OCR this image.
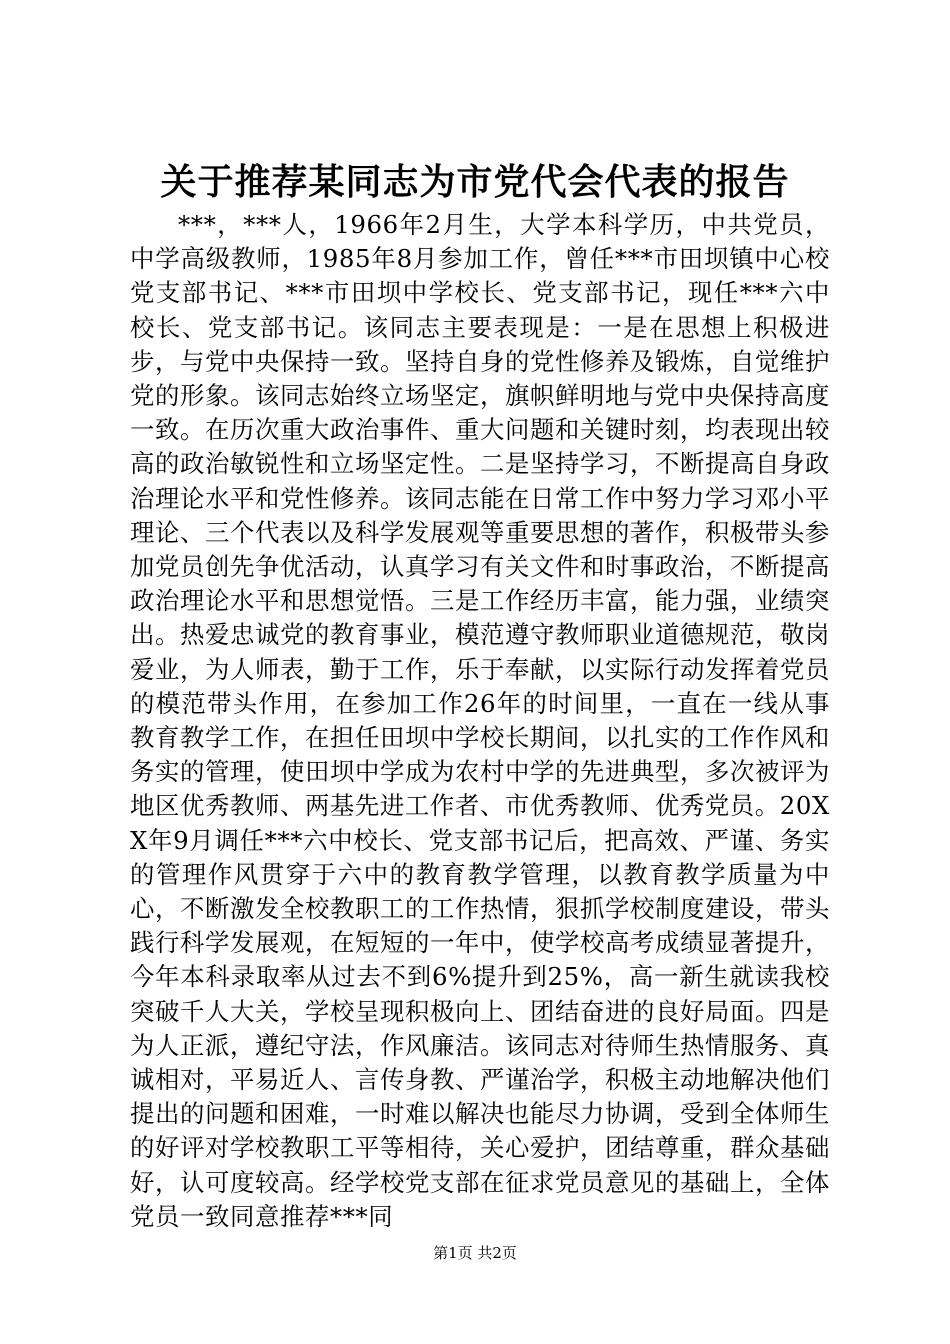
关于推荐某同志为市党代会代表的报告

***，***人，1966年2月生，大学本科学历，中共党员，中学高级教师，1985年8月参加工作，曾任***市田坝镇中心校党支部书记、***市田坝中学校长、党支部书记，现任***六中校长、党支部书记。该同志主要表现是：一是在思想上积极进步，与党中央保持一致。坚持自身的党性修养及锻炼，自觉维护党的形象。该同志始终立场坚定，旗帜鲜明地与党中央保持高度一致。在历次重大政治事件、重大问题和关键时刻，均表现出较高的政治敏锐性和立场坚定性。二是坚持学习，不断提高自身政治理论水平和党性修养。该同志能在日常工作中努力学习邓小平理论、三个代表以及科学发展观等重要思想的著作，积极带头参加党员创先争优活动，认真学习有关文件和时事政治，不断提高政治理论水平和思想觉悟。三是工作经历丰富，能力强，业绩突出。热爱忠诚党的教育事业，模范遵守教师职业道德规范，敬岗爱业，为人师表，勤于工作，乐于奉献，以实际行动发挥着党员的模范带头作用，在参加工作26年的时间里，一直在一线从事教育教学工作，在担任田坝中学校长期间，以扎实的工作作风和务实的管理，使田坝中学成为农村中学的先进典型，多次被评为地区优秀教师、两基先进工作者、市优秀教师、优秀党员。20XX年9月调任***六中校长、党支部书记后，把高效、严谨、务实的管理作风贯穿于六中的教育教学管理，以教育教学质量为中心，不断激发全校教职工的工作热情，狠抓学校制度建设，带头践行科学发展观，在短短的一年中，使学校高考成绩显著提升，今年本科录取率从过去不到6%提升到25%，高一新生就读我校突破千人大关，学校呈现积极向上、团结奋进的良好局面。四是为人正派，遵纪守法，作风廉洁。该同志对待师生热情服务、真诚相对，平易近人、言传身教、严谨治学，积极主动地解决他们提出的问题和困难，一时难以解决也能尽力协调，受到全体师生的好评对学校教职工平等相待，关心爱护，团结尊重，群众基础好，认可度较高。经学校党支部在征求党员意见的基础上，全体党员一致同意推荐***同

第1页 共2页
